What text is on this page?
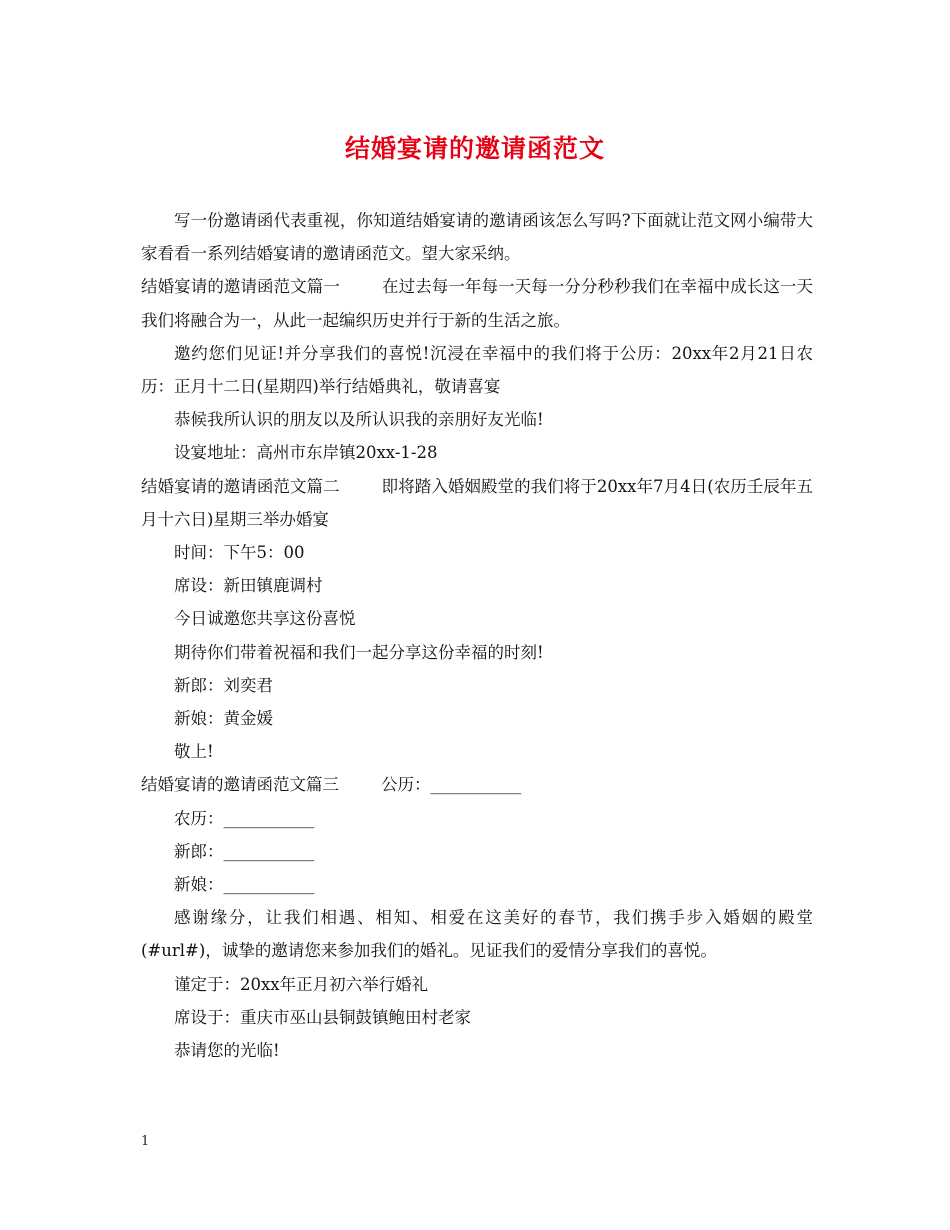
结婚宴请的邀请函范文

写一份邀请函代表重视，你知道结婚宴请的邀请函该怎么写吗?下面就让范文网小编带大家看看一系列结婚宴请的邀请函范文。望大家采纳。

结婚宴请的邀请函范文篇一	在过去每一年每一天每一分分秒秒我们在幸福中成长这一天我们将融合为一，从此一起编织历史并行于新的生活之旅。

邀约您们见证!并分享我们的喜悦!沉浸在幸福中的我们将于公历：20xx年2月21日农历：正月十二日(星期四)举行结婚典礼，敬请喜宴

恭候我所认识的朋友以及所认识我的亲朋好友光临!

设宴地址：高州市东岸镇20xx-1-28

结婚宴请的邀请函范文篇二	即将踏入婚姻殿堂的我们将于20xx年7月4日(农历壬辰年五月十六日)星期三举办婚宴

时间：下午5：00

席设：新田镇鹿调村

今日诚邀您共享这份喜悦

期待你们带着祝福和我们一起分享这份幸福的时刻!

新郎：刘奕君

新娘：黄金媛

敬上!

结婚宴请的邀请函范文篇三	公历：___________

农历：___________

新郎：___________

新娘：___________

感谢缘分，让我们相遇、相知、相爱在这美好的春节，我们携手步入婚姻的殿堂(#url#)，诚挚的邀请您来参加我们的婚礼。见证我们的爱情分享我们的喜悦。

谨定于：20xx年正月初六举行婚礼

席设于：重庆市巫山县铜鼓镇鲍田村老家

恭请您的光临!

1
